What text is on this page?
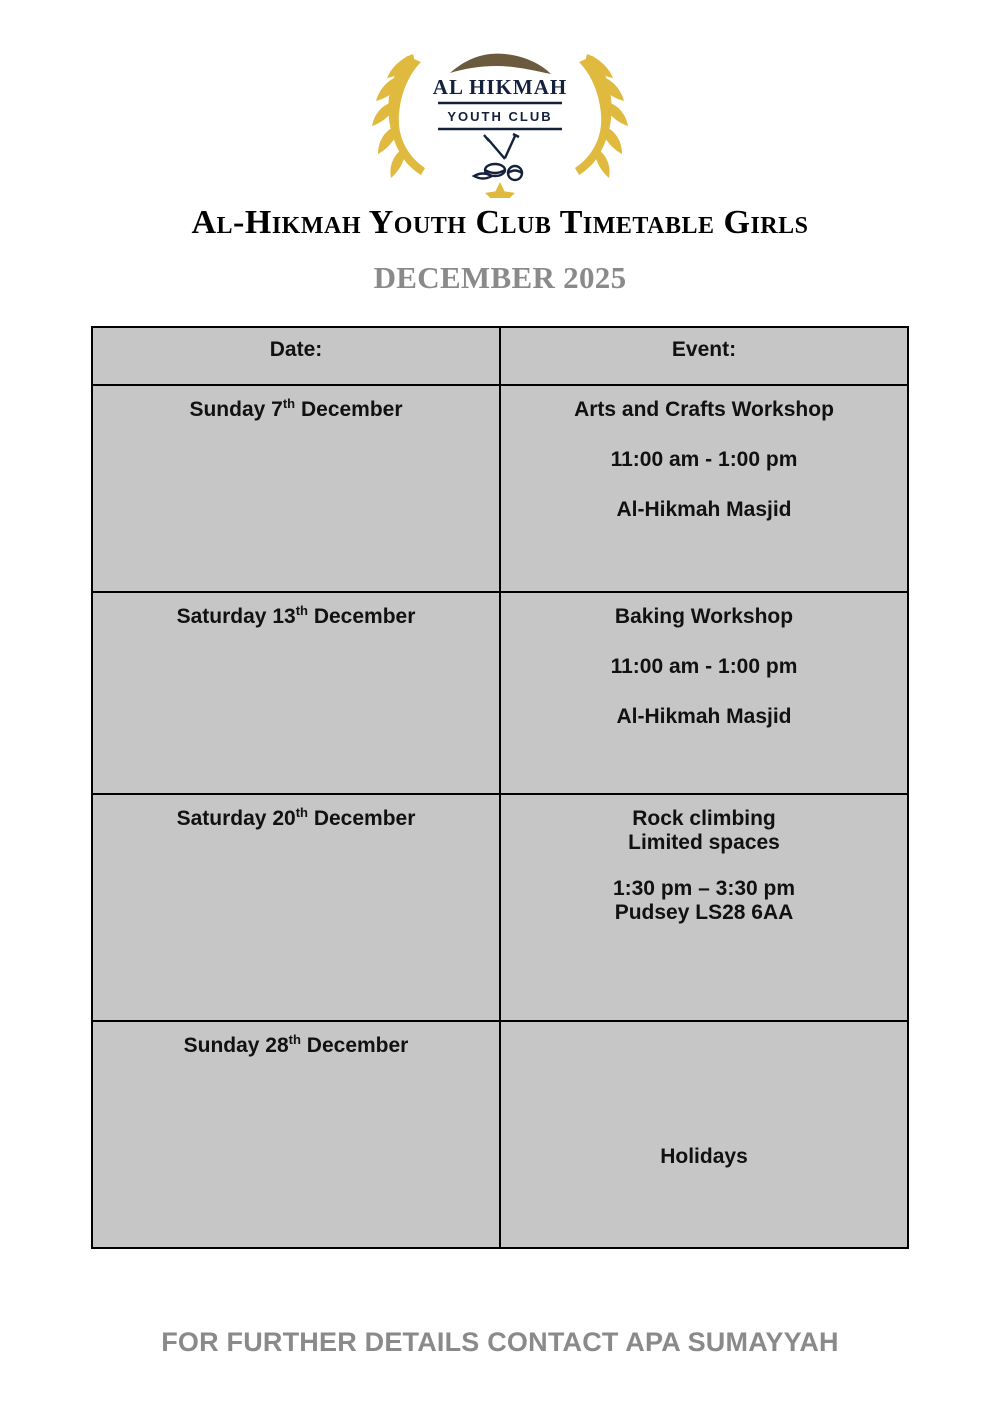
AL HIKMAH
YOUTH CLUB
Al-Hikmah Youth Club Timetable Girls
DECEMBER 2025
Date:	Event:
Sunday 7th December	Arts and Crafts Workshop

11:00 am - 1:00 pm

Al-Hikmah Masjid

Saturday 13th December	Baking Workshop

11:00 am - 1:00 pm

Al-Hikmah Masjid

Saturday 20th December	Rock climbing

Limited spaces

1:30 pm – 3:30 pm

Pudsey LS28 6AA

Sunday 28th December	Holidays
FOR FURTHER DETAILS CONTACT APA SUMAYYAH
